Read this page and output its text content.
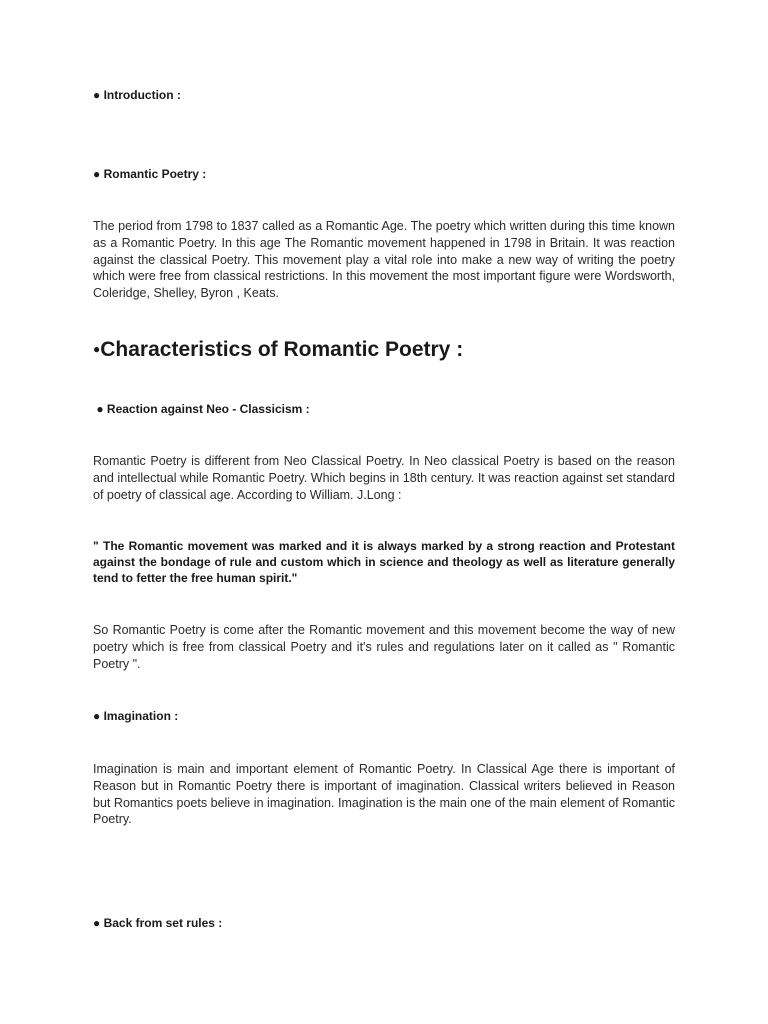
● Introduction :
● Romantic Poetry :
The period from 1798 to 1837 called as a Romantic Age. The poetry which written during this time known as a Romantic Poetry. In this age The Romantic movement happened in 1798 in Britain. It was reaction against the classical Poetry. This movement play a vital role into make a new way of writing the poetry which were free from classical restrictions. In this movement the most important figure were Wordsworth, Coleridge, Shelley, Byron , Keats.
●Characteristics of Romantic Poetry :
● Reaction against Neo - Classicism :
Romantic Poetry is different from Neo Classical Poetry. In Neo classical Poetry is based on the reason and intellectual while Romantic Poetry. Which begins in 18th century. It was reaction against set standard of poetry of classical age. According to William. J.Long :
" The Romantic movement was marked and it is always marked by a strong reaction and Protestant against the bondage of rule and custom which in science and theology as well as literature generally tend to fetter the free human spirit."
So Romantic Poetry is come after the Romantic movement and this movement become the way of new poetry which is free from classical Poetry and it's rules and regulations later on it called as " Romantic Poetry ".
● Imagination :
Imagination is main and important element of Romantic Poetry. In Classical Age there is important of Reason but in Romantic Poetry there is important of imagination. Classical writers believed in Reason but Romantics poets believe in imagination. Imagination is the main one of the main element of Romantic Poetry.
● Back from set rules :
